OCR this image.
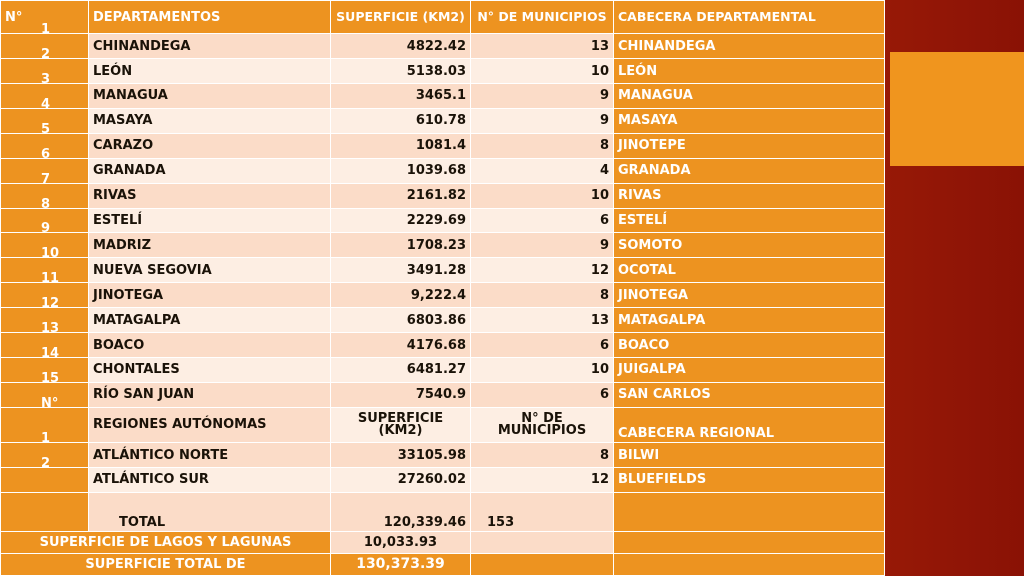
N°	DEPARTAMENTOS	SUPERFICIE (KM2)	N° DE MUNICIPIOS	CABECERA DEPARTAMENTAL

1	CHINANDEGA	4822.42	13	CHINANDEGA

2	LEÓN	5138.03	10	LEÓN

3	MANAGUA	3465.1	9	MANAGUA

4	MASAYA	610.78	9	MASAYA

5	CARAZO	1081.4	8	JINOTEPE

6	GRANADA	1039.68	4	GRANADA

7	RIVAS	2161.82	10	RIVAS

8	ESTELÍ	2229.69	6	ESTELÍ

9	MADRIZ	1708.23	9	SOMOTO

10	NUEVA SEGOVIA	3491.28	12	OCOTAL

11	JINOTEGA	9,222.4	8	JINOTEGA

12	MATAGALPA	6803.86	13	MATAGALPA

13	BOACO	4176.68	6	BOACO

14	CHONTALES	6481.27	10	JUIGALPA

15	RÍO SAN JUAN	7540.9	6	SAN CARLOS

N°	REGIONES AUTÓNOMAS	SUPERFICIE (KM2)	N° DE MUNICIPIOS	CABECERA REGIONAL

1	ATLÁNTICO NORTE	33105.98	8	BILWI

2	ATLÁNTICO SUR	27260.02	12	BLUEFIELDS
	TOTAL	120,339.46	153	
SUPERFICIE DE LAGOS Y LAGUNAS		10,033.93		
SUPERFICIE TOTAL DE		130,373.39		
